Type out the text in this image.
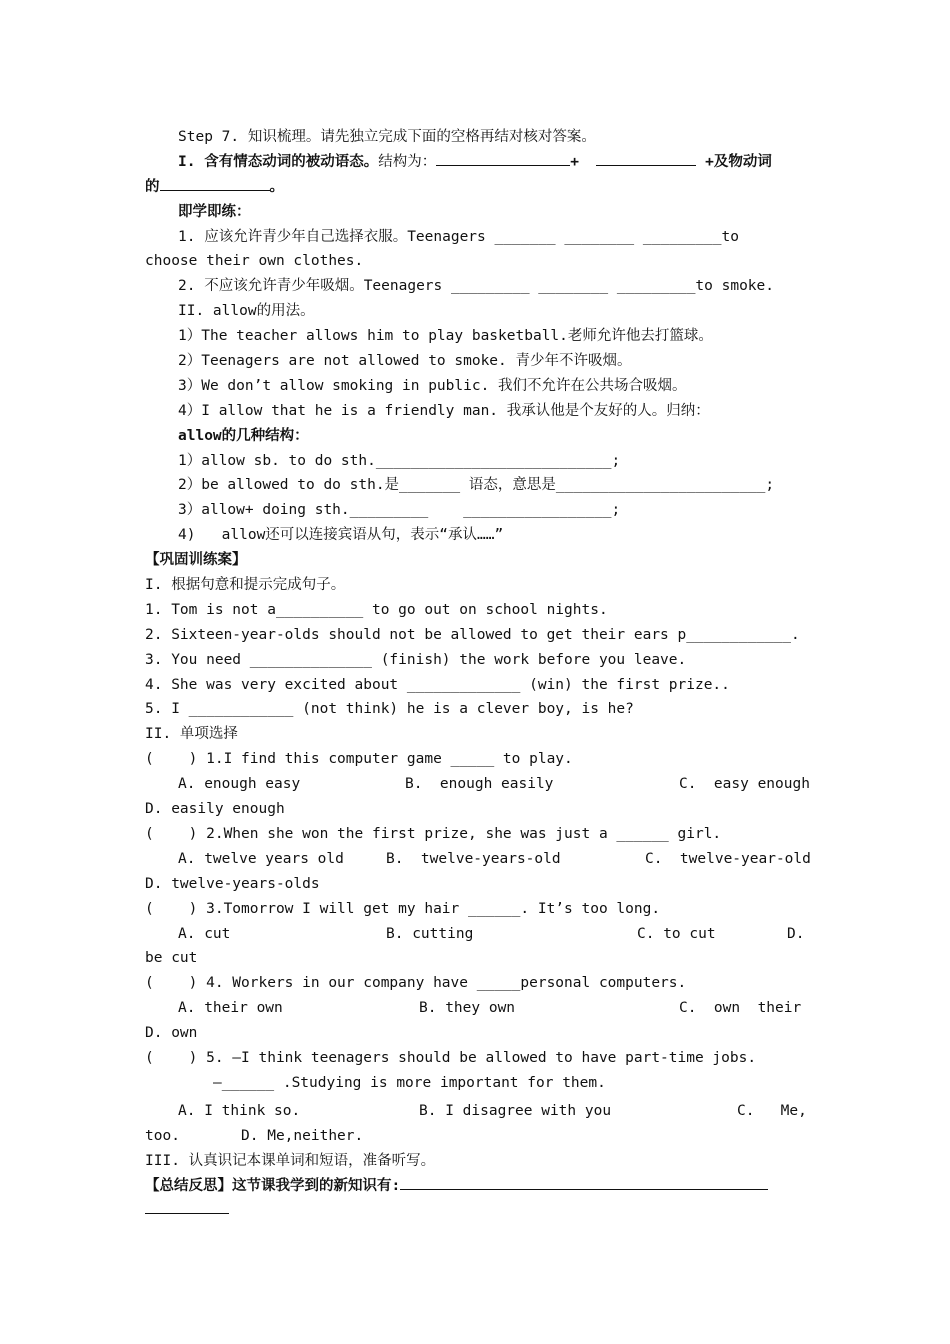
Step 7. 知识梳理。请先独立完成下面的空格再结对核对答案。
I. 含有情态动词的被动语态。结构为：	+	+及物动词
的	。
即学即练：
1. 应该允许青少年自己选择衣服。Teenagers _______ ________ _________to
choose their own clothes.
2. 不应该允许青少年吸烟。Teenagers _________ ________ _________to smoke.
II. allow的用法。
1）The teacher allows him to play basketball.老师允许他去打篮球。
2）Teenagers are not allowed to smoke. 青少年不许吸烟。
3）We don’t allow smoking in public. 我们不允许在公共场合吸烟。
4）I allow that he is a friendly man. 我承认他是个友好的人。归纳：
allow的几种结构：
1）allow sb. to do sth.___________________________;
2）be allowed to do sth.是_______ 语态，意思是________________________;
3）allow+ doing sth._________    _________________;
4)   allow还可以连接宾语从句，表示“承认……”
【巩固训练案】
I. 根据句意和提示完成句子。
1. Tom is not a__________ to go out on school nights.
2. Sixteen-year-olds should not be allowed to get their ears p____________.
3. You need ______________ (finish) the work before you leave.
4. She was very excited about _____________ (win) the first prize..
5. I ____________ (not think) he is a clever boy, is he?
II. 单项选择
(    ) 1.I find this computer game _____ to play.
A. enough easy	B.  enough easily	C.  easy enough
D. easily enough
(    ) 2.When she won the first prize, she was just a ______ girl.
A. twelve years old	B.  twelve-years-old	C.  twelve-year-old
D. twelve-years-olds
(    ) 3.Tomorrow I will get my hair ______. It’s too long.
A. cut	B. cutting	C. to cut	D.
be cut
(    ) 4. Workers in our company have _____personal computers.
A. their own	B. they own	C.  own  their
D. own
(    ) 5. —I think teenagers should be allowed to have part-time jobs.
—______ .Studying is more important for them.
A. I think so.	B. I disagree with you	C.   Me,
too.       D. Me,neither.
III. 认真识记本课单词和短语，准备听写。
【总结反思】这节课我学到的新知识有:
